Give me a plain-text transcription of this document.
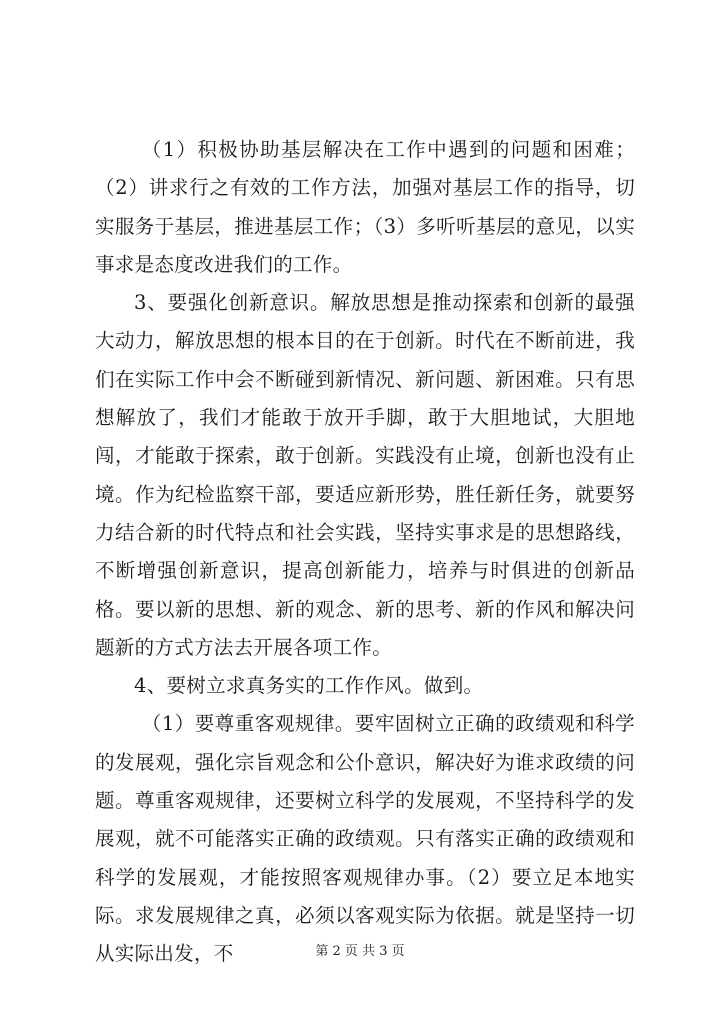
（1）积极协助基层解决在工作中遇到的问题和困难；（2）讲求行之有效的工作方法，加强对基层工作的指导，切实服务于基层，推进基层工作；（3）多听听基层的意见，以实事求是态度改进我们的工作。

3、要强化创新意识。解放思想是推动探索和创新的最强大动力，解放思想的根本目的在于创新。时代在不断前进，我们在实际工作中会不断碰到新情况、新问题、新困难。只有思想解放了，我们才能敢于放开手脚，敢于大胆地试，大胆地闯，才能敢于探索，敢于创新。实践没有止境，创新也没有止境。作为纪检监察干部，要适应新形势，胜任新任务，就要努力结合新的时代特点和社会实践，坚持实事求是的思想路线，不断增强创新意识，提高创新能力，培养与时俱进的创新品格。要以新的思想、新的观念、新的思考、新的作风和解决问题新的方式方法去开展各项工作。

4、要树立求真务实的工作作风。做到。

（1）要尊重客观规律。要牢固树立正确的政绩观和科学的发展观，强化宗旨观念和公仆意识，解决好为谁求政绩的问题。尊重客观规律，还要树立科学的发展观，不坚持科学的发展观，就不可能落实正确的政绩观。只有落实正确的政绩观和科学的发展观，才能按照客观规律办事。（2）要立足本地实际。求发展规律之真，必须以客观实际为依据。就是坚持一切从实际出发，不	第 2 页 共 3 页
